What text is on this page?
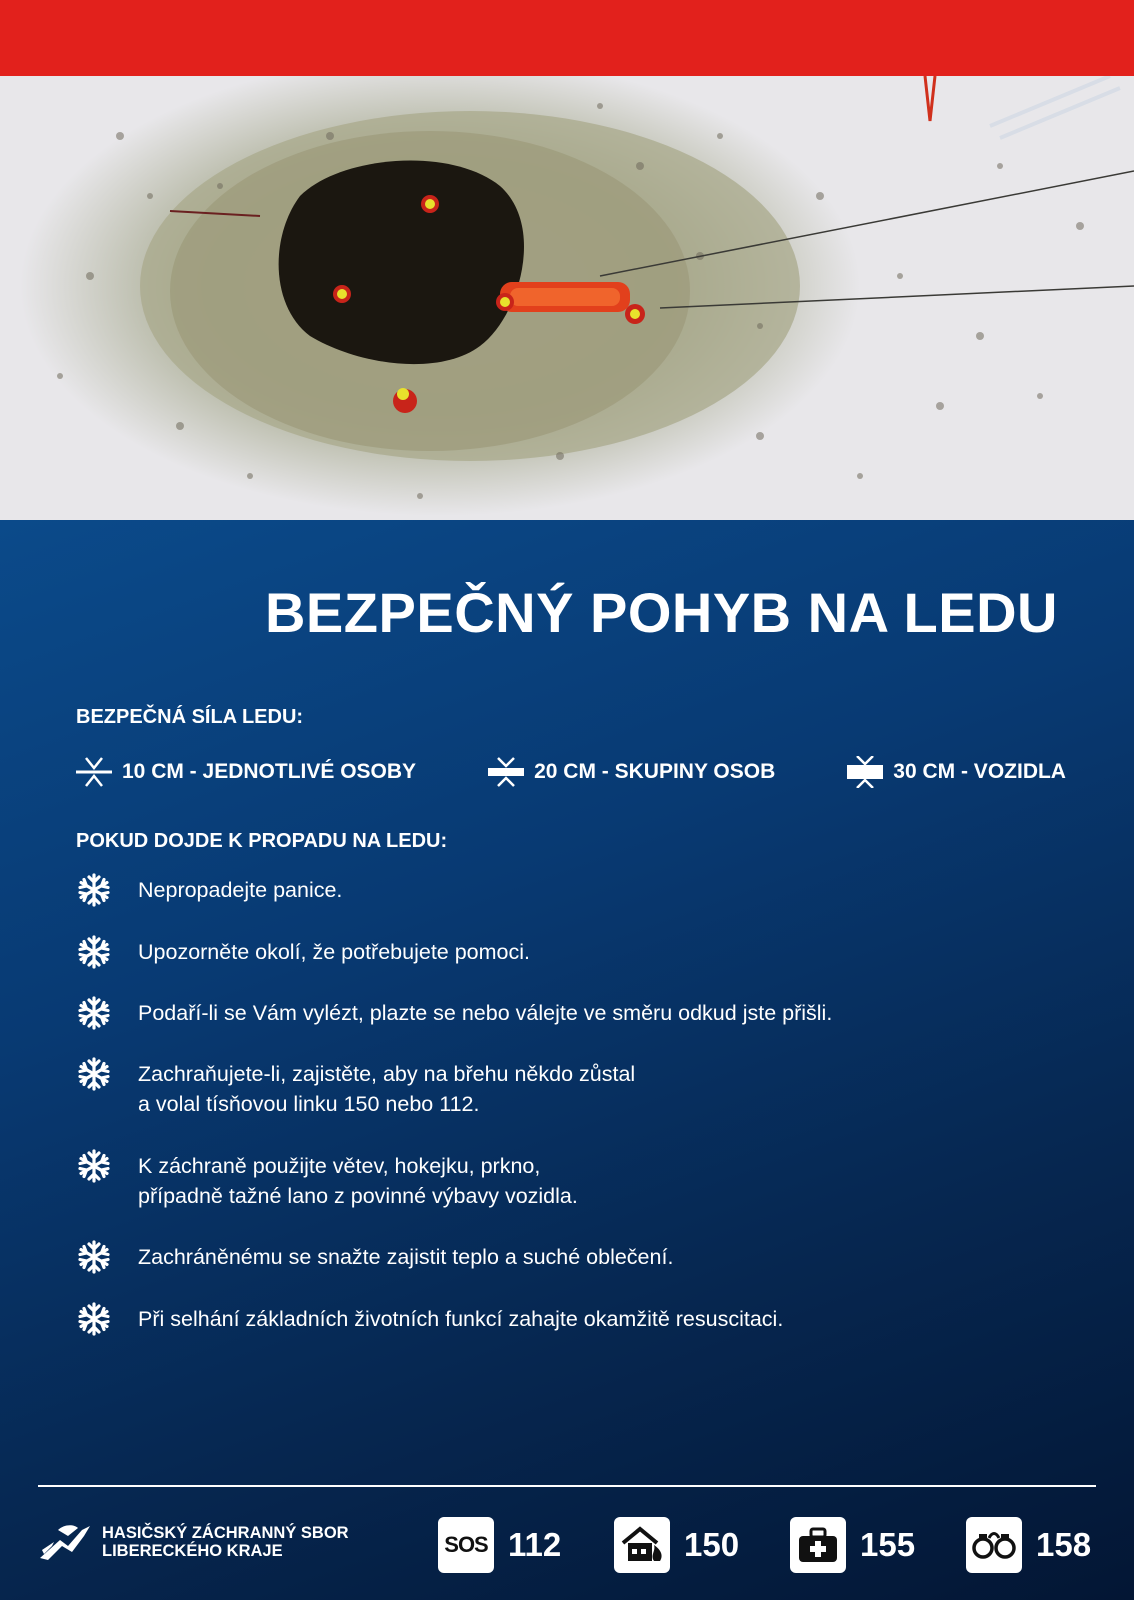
BEZPEČNÝ POHYB NA LEDU
BEZPEČNÁ SÍLA LEDU:
10 CM - JEDNOTLIVÉ OSOBY	20 CM - SKUPINY OSOB	30 CM - VOZIDLA
POKUD DOJDE K PROPADU NA LEDU:
Nepropadejte panice.
Upozorněte okolí, že potřebujete pomoci.
Podaří-li se Vám vylézt, plazte se nebo válejte ve směru odkud jste přišli.
Zachraňujete-li, zajistěte, aby na břehu někdo zůstal
a volal tísňovou linku 150 nebo 112.
K záchraně použijte větev, hokejku, prkno,
případně tažné lano z povinné výbavy vozidla.
Zachráněnému se snažte zajistit teplo a suché oblečení.
Při selhání základních životních funkcí zahajte okamžitě resuscitaci.
HASIČSKÝ ZÁCHRANNÝ SBOR
LIBERECKÉHO KRAJE	SOS 112	150	155	158
